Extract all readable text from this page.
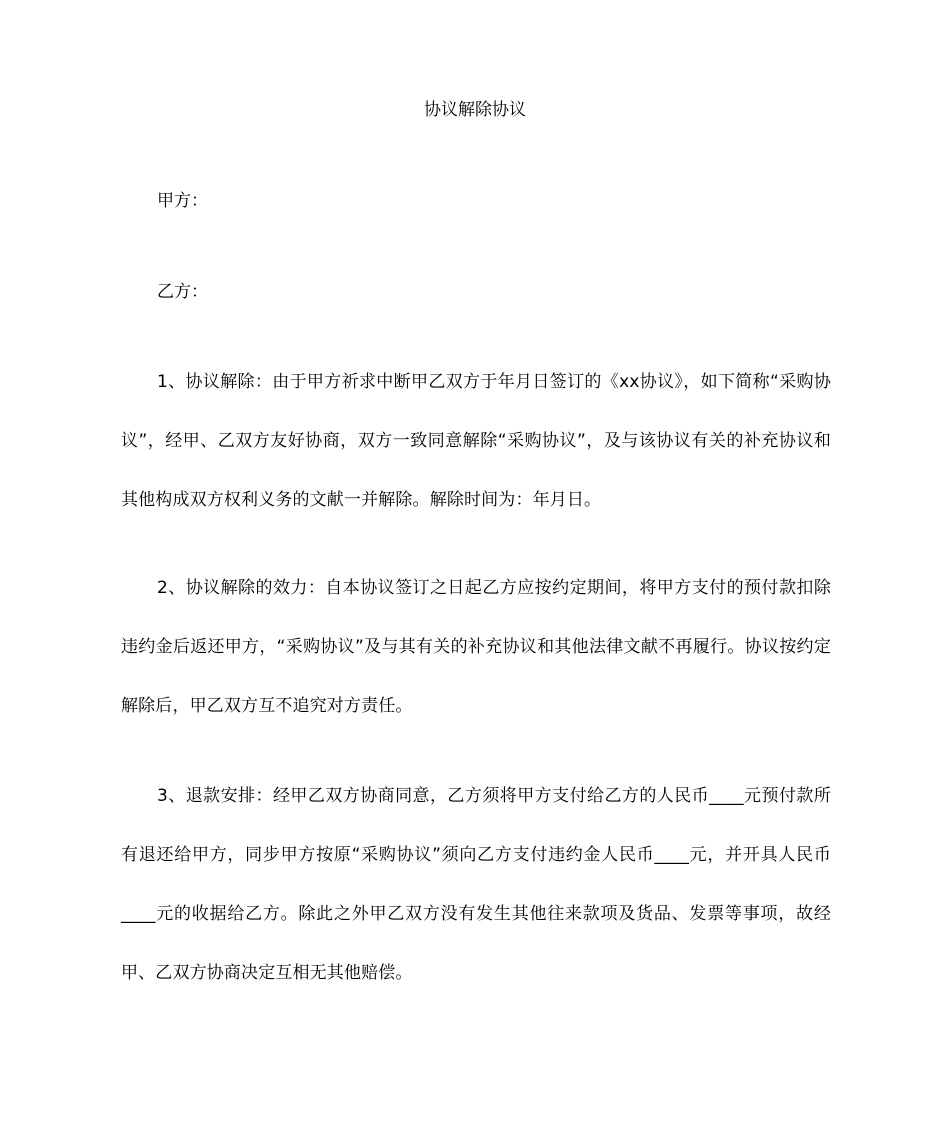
协议解除协议

甲方：

乙方：

1、协议解除：由于甲方祈求中断甲乙双方于年月日签订的《xx协议》，如下简称“采购协议”，经甲、乙双方友好协商，双方一致同意解除“采购协议”，及与该协议有关的补充协议和其他构成双方权利义务的文献一并解除。解除时间为：年月日。

2、协议解除的效力：自本协议签订之日起乙方应按约定期间，将甲方支付的预付款扣除违约金后返还甲方，“采购协议”及与其有关的补充协议和其他法律文献不再履行。协议按约定解除后，甲乙双方互不追究对方责任。

3、退款安排：经甲乙双方协商同意，乙方须将甲方支付给乙方的人民币____元预付款所有退还给甲方，同步甲方按原“采购协议”须向乙方支付违约金人民币____元，并开具人民币____元的收据给乙方。除此之外甲乙双方没有发生其他往来款项及货品、发票等事项，故经甲、乙双方协商决定互相无其他赔偿。
